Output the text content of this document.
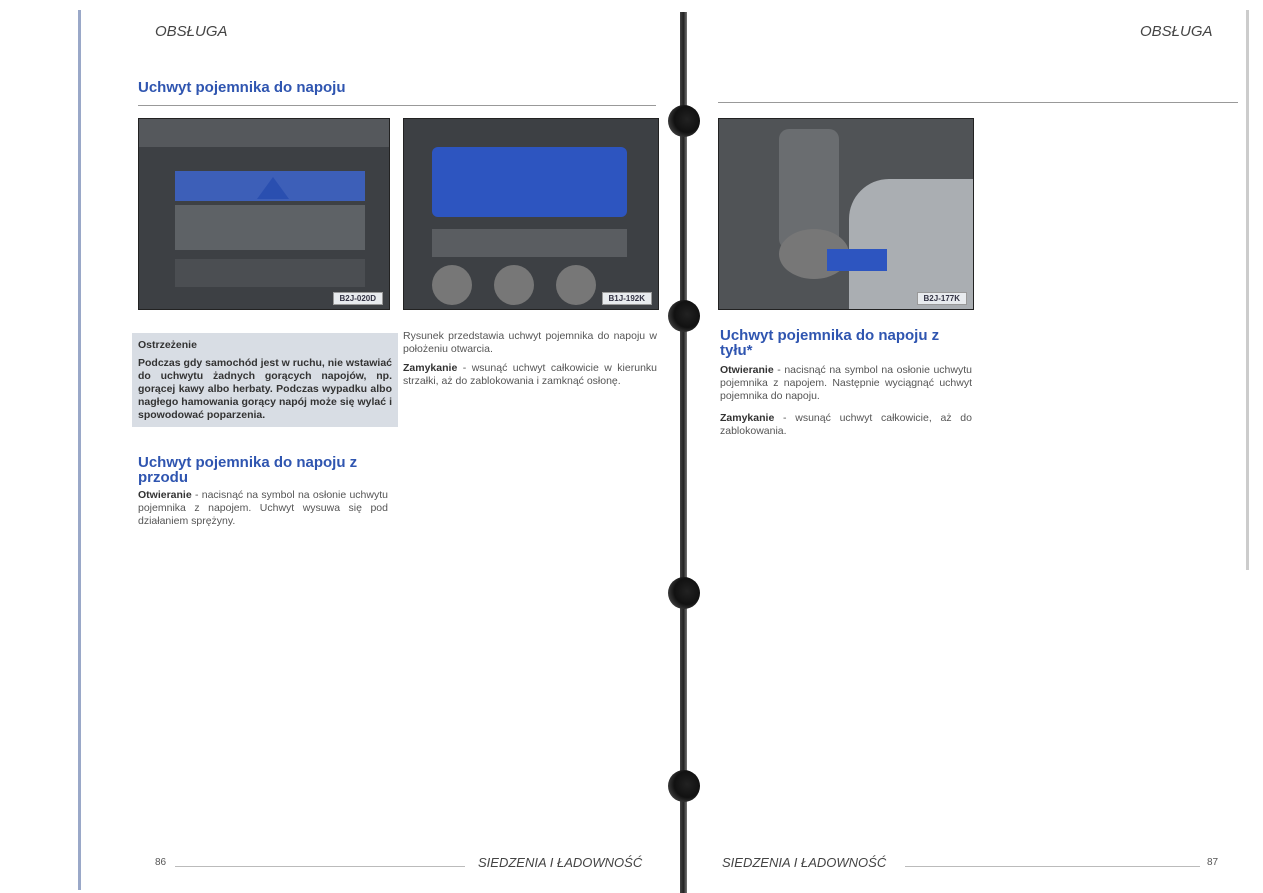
OBSŁUGA
Uchwyt pojemnika do napoju
B2J-020D	B1J-192K
Ostrzeżenie
Podczas gdy samochód jest w ruchu, nie wstawiać do uchwytu żadnych gorących napojów, np. gorącej kawy albo herbaty. Podczas wypadku albo nagłego hamowania gorący napój może się wylać i spowodować poparzenia.
Uchwyt pojemnika do napoju z przodu
Otwieranie - nacisnąć na symbol na osłonie uchwytu pojemnika z napojem. Uchwyt wysuwa się pod działaniem sprężyny.
Rysunek przedstawia uchwyt pojemnika do napoju w położeniu otwarcia.
Zamykanie - wsunąć uchwyt całkowicie w kierunku strzałki, aż do zablokowania i zamknąć osłonę.
86	SIEDZENIA I ŁADOWNOŚĆ
OBSŁUGA
B2J-177K
Uchwyt pojemnika do napoju z tyłu*
Otwieranie - nacisnąć na symbol na osłonie uchwytu pojemnika z napojem. Następnie wyciągnąć uchwyt pojemnika do napoju.
Zamykanie - wsunąć uchwyt całkowicie, aż do zablokowania.
SIEDZENIA I ŁADOWNOŚĆ	87
